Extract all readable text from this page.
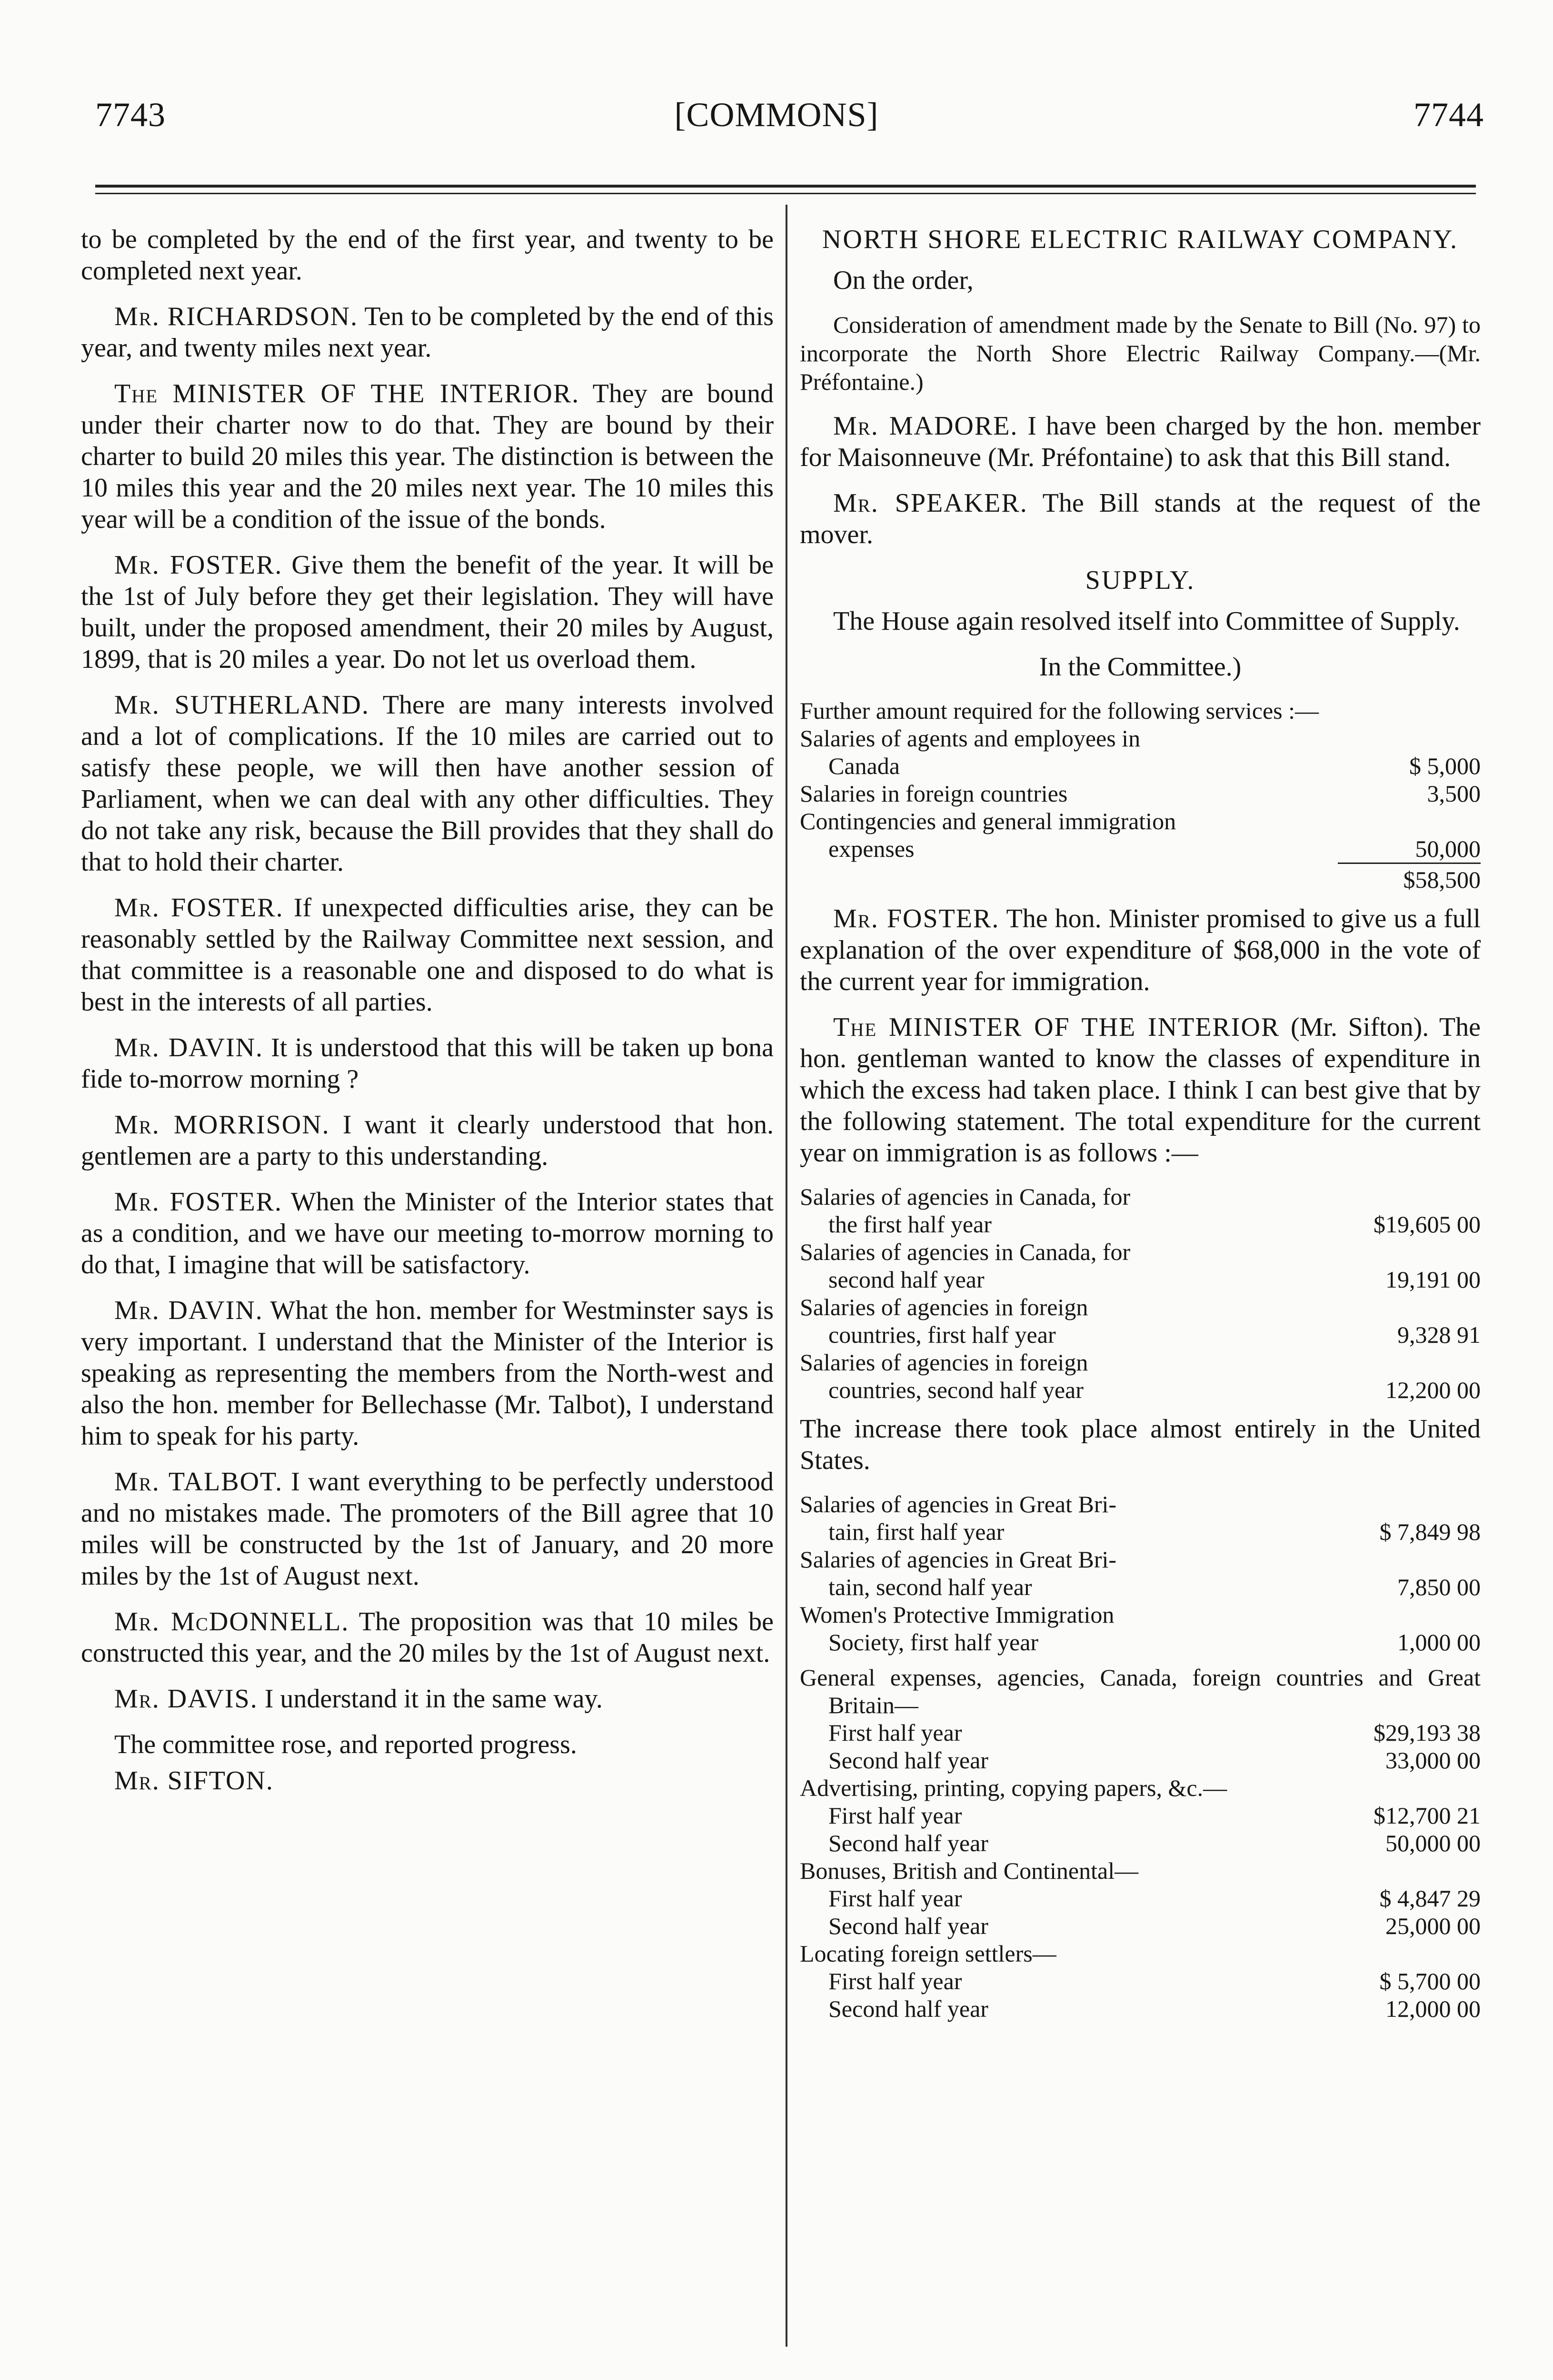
7743	[COMMONS]	7744

to be completed by the end of the first year, and twenty to be completed next year.

Mr. RICHARDSON. Ten to be completed by the end of this year, and twenty miles next year.

The MINISTER OF THE INTERIOR. They are bound under their charter now to do that. They are bound by their charter to build 20 miles this year. The distinction is between the 10 miles this year and the 20 miles next year. The 10 miles this year will be a condition of the issue of the bonds.

Mr. FOSTER. Give them the benefit of the year. It will be the 1st of July before they get their legislation. They will have built, under the proposed amendment, their 20 miles by August, 1899, that is 20 miles a year. Do not let us overload them.

Mr. SUTHERLAND. There are many interests involved and a lot of complications. If the 10 miles are carried out to satisfy these people, we will then have another session of Parliament, when we can deal with any other difficulties. They do not take any risk, because the Bill provides that they shall do that to hold their charter.

Mr. FOSTER. If unexpected difficulties arise, they can be reasonably settled by the Railway Committee next session, and that committee is a reasonable one and disposed to do what is best in the interests of all parties.

Mr. DAVIN. It is understood that this will be taken up bona fide to-morrow morning ?

Mr. MORRISON. I want it clearly understood that hon. gentlemen are a party to this understanding.

Mr. FOSTER. When the Minister of the Interior states that as a condition, and we have our meeting to-morrow morning to do that, I imagine that will be satisfactory.

Mr. DAVIN. What the hon. member for Westminster says is very important. I understand that the Minister of the Interior is speaking as representing the members from the North-west and also the hon. member for Bellechasse (Mr. Talbot), I understand him to speak for his party.

Mr. TALBOT. I want everything to be perfectly understood and no mistakes made. The promoters of the Bill agree that 10 miles will be constructed by the 1st of January, and 20 more miles by the 1st of August next.

Mr. McDONNELL. The proposition was that 10 miles be constructed this year, and the 20 miles by the 1st of August next.

Mr. DAVIS. I understand it in the same way.

The committee rose, and reported progress.

Mr. SIFTON.

NORTH SHORE ELECTRIC RAILWAY COMPANY.

On the order,

Consideration of amendment made by the Senate to Bill (No. 97) to incorporate the North Shore Electric Railway Company.—(Mr. Préfontaine.)

Mr. MADORE. I have been charged by the hon. member for Maisonneuve (Mr. Préfontaine) to ask that this Bill stand.

Mr. SPEAKER. The Bill stands at the request of the mover.

SUPPLY.

The House again resolved itself into Committee of Supply.

In the Committee.)

Further amount required for the following services :—
Salaries of agents and employees in
Canada	$ 5,000
Salaries in foreign countries	3,500
Contingencies and general immigration
expenses	50,000
$58,500

Mr. FOSTER. The hon. Minister promised to give us a full explanation of the over expenditure of $68,000 in the vote of the current year for immigration.

The MINISTER OF THE INTERIOR (Mr. Sifton). The hon. gentleman wanted to know the classes of expenditure in which the excess had taken place. I think I can best give that by the following statement. The total expenditure for the current year on immigration is as follows :—

Salaries of agencies in Canada, for
the first half year	$19,605 00
Salaries of agencies in Canada, for
second half year	19,191 00
Salaries of agencies in foreign
countries, first half year	9,328 91
Salaries of agencies in foreign
countries, second half year	12,200 00

The increase there took place almost entirely in the United States.

Salaries of agencies in Great Bri-
tain, first half year	$ 7,849 98
Salaries of agencies in Great Bri-
tain, second half year	7,850 00
Women's Protective Immigration
Society, first half year	1,000 00
General expenses, agencies, Canada, foreign countries and Great Britain—
First half year	$29,193 38
Second half year	33,000 00
Advertising, printing, copying papers, &c.—
First half year	$12,700 21
Second half year	50,000 00
Bonuses, British and Continental—
First half year	$ 4,847 29
Second half year	25,000 00
Locating foreign settlers—
First half year	$ 5,700 00
Second half year	12,000 00
